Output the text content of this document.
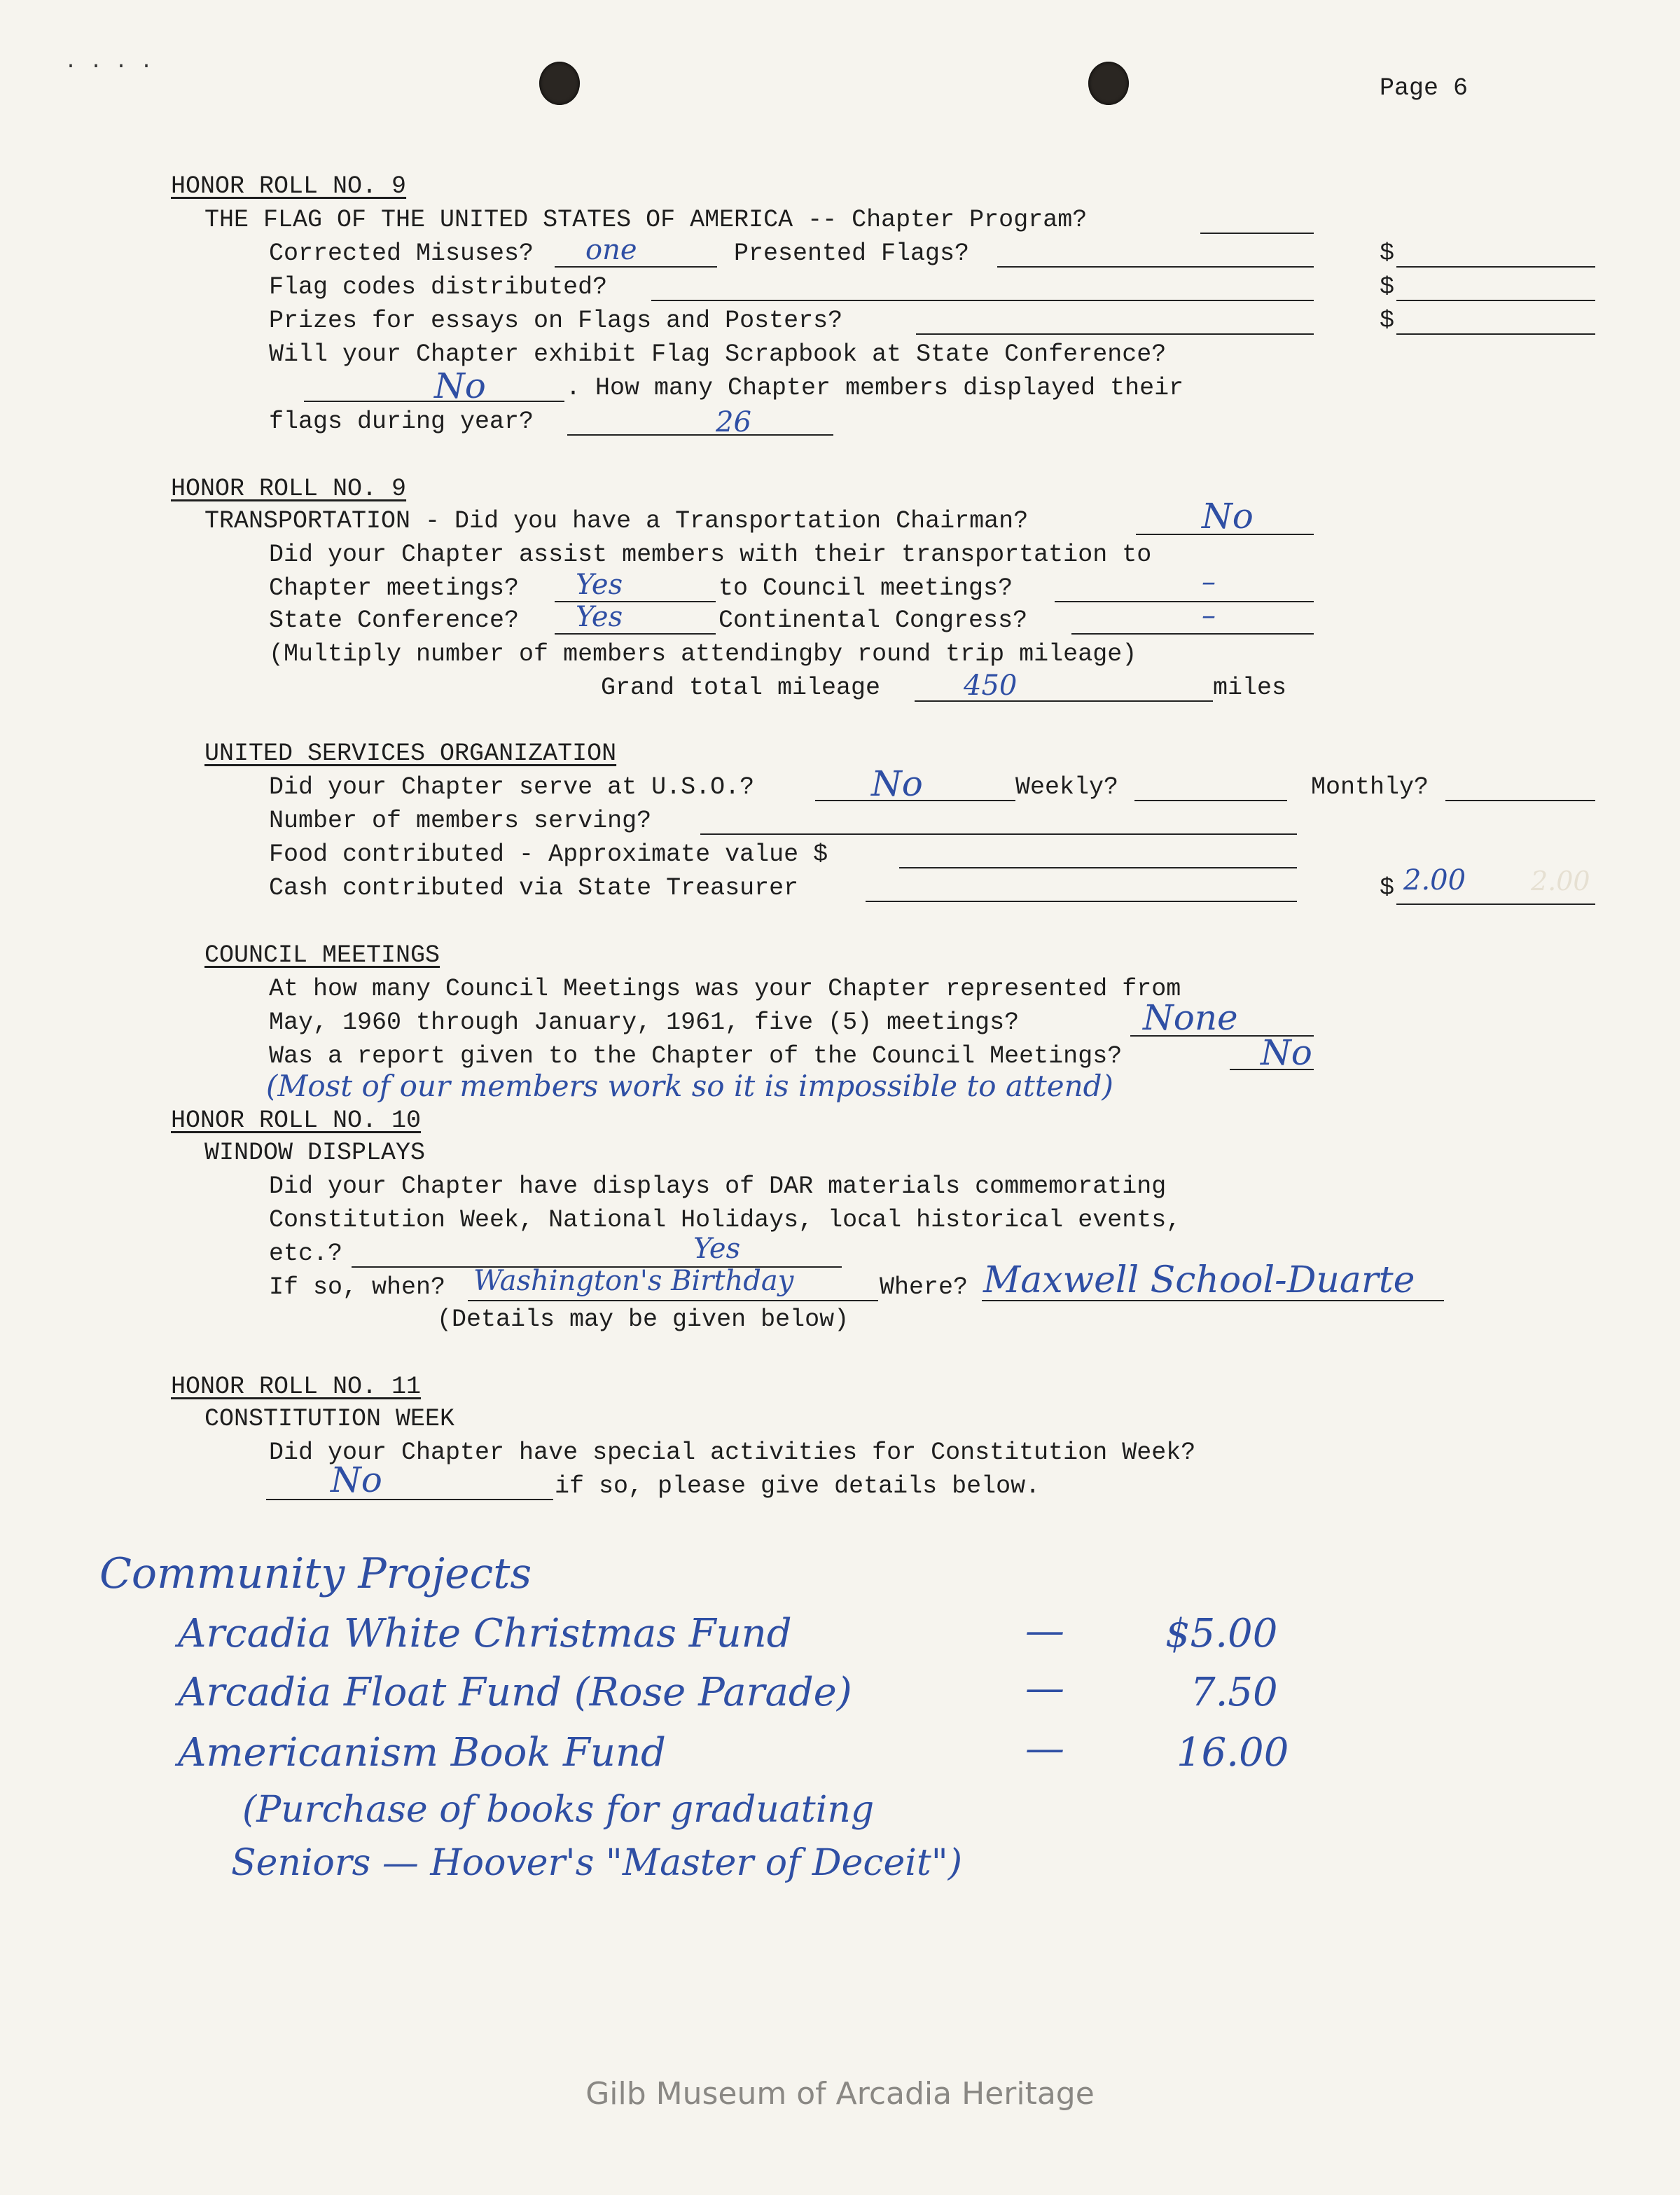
. . . .
Page 6
HONOR ROLL NO. 9
THE FLAG OF THE UNITED STATES OF AMERICA -- Chapter Program?
Corrected Misuses? one	Presented Flags?	$
Flag codes distributed?	$
Prizes for essays on Flags and Posters?	$
Will your Chapter exhibit Flag Scrapbook at State Conference?
No	. How many Chapter members displayed their
flags during year?	26
HONOR ROLL NO. 9
TRANSPORTATION - Did you have a Transportation Chairman?	No
Did your Chapter assist members with their transportation to
Chapter meetings? Yes	to Council meetings?	–
State Conference? Yes	Continental Congress?	–
(Multiply number of members attendingby round trip mileage)
Grand total mileage	450	miles
UNITED SERVICES ORGANIZATION
Did your Chapter serve at U.S.O.?	No	Weekly?	Monthly?
Number of members serving?
Food contributed - Approximate value $
Cash contributed via State Treasurer	$ 2.00 2.00
COUNCIL MEETINGS
At how many Council Meetings was your Chapter represented from
May, 1960 through January, 1961, five (5) meetings?	None
Was a report given to the Chapter of the Council Meetings?	No
(Most of our members work so it is impossible to attend)
HONOR ROLL NO. 10
WINDOW DISPLAYS
Did your Chapter have displays of DAR materials commemorating
Constitution Week, National Holidays, local historical events,
etc.?	Yes
If so, when? Washington's Birthday	Where? Maxwell School-Duarte
(Details may be given below)
HONOR ROLL NO. 11
CONSTITUTION WEEK
Did your Chapter have special activities for Constitution Week?
No	if so, please give details below.
Community Projects
Arcadia White Christmas Fund	—	$5.00
Arcadia Float Fund (Rose Parade)	—	7.50
Americanism Book Fund	—	16.00
(Purchase of books for graduating
Seniors — Hoover's "Master of Deceit")
Gilb Museum of Arcadia Heritage
